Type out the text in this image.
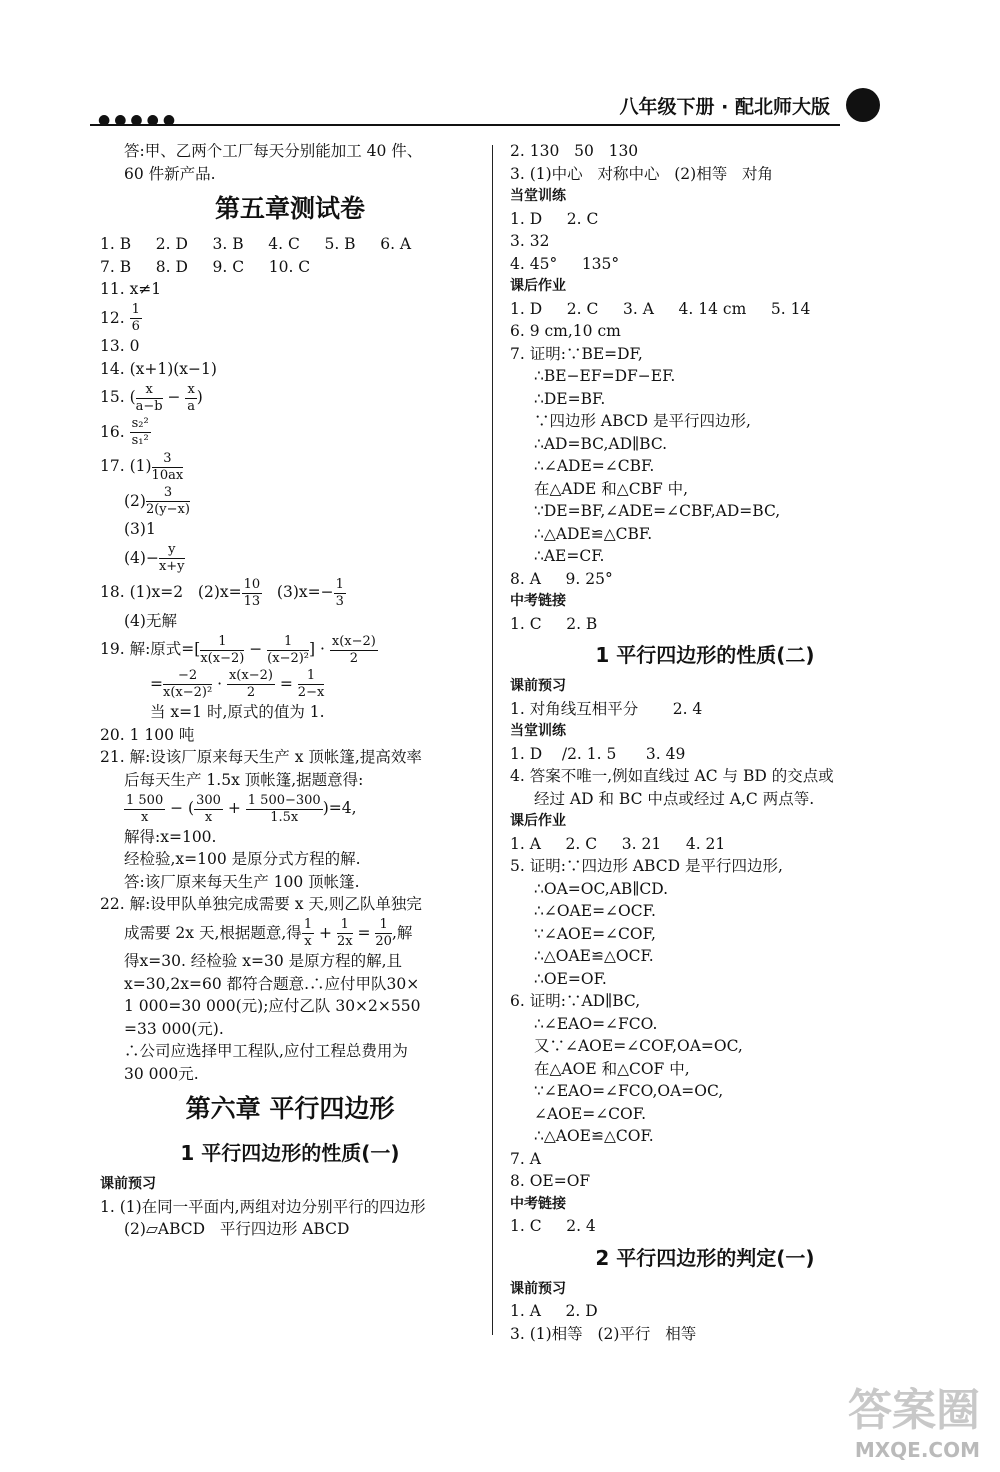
●●●●●
八年级下册 · 配北师大版

答:甲、乙两个工厂每天分别能加工 40 件、

60 件新产品.

第五章测试卷

1. B     2. D     3. B     4. C     5. B     6. A

7. B     8. D     9. C     10. C

11. x≠1

12. $\frac{1}{6}$

13. 0

14. (x+1)(x−1)

15. ( $\frac{x}{a-b} - \frac{x}{a}$ )
16. $\frac{\text{s₂²}}{\text{s₁²}}$
17. $(1) \frac{3}{10ax}$
$(2) \frac{3}{2(y-x)}$

(3)1

$(4)- \frac{y}{x+y}$
18. (1)x=2   $(2)x= \frac{10}{13} (3)x=- \frac{1}{3}$

(4)无解

19. 解:原式=[ $\frac{1}{x(x-2)} - \frac{1}{\text{(x−2)²}}$ ] · $\frac{x(x-2)}{2}$
= $\frac{-2}{\text{x(x−2)²}} \cdot \frac{x(x-2)}{2} = \frac{1}{2-x}$

当 x=1 时,原式的值为 1.

20. 1 100 吨

21. 解:设该厂原来每天生产 x 顶帐篷,提高效率

后每天生产 1.5x 顶帐篷,据题意得:

$\frac{1 500}{x}$ − ( $\frac{300}{x} + \frac{1 500-300}{1.5x} )=4$,

解得:x=100.

经检验,x=100 是原分式方程的解.

答:该厂原来每天生产 100 顶帐篷.

22. 解:设甲队单独完成需要 x 天,则乙队单独完

成需要 2x 天,根据题意,得 $\frac{1}{x} + \frac{1}{2x} = \frac{1}{20}$ ,解

得x=30. 经检验 x=30 是原方程的解,且

x=30,2x=60 都符合题意.∴应付甲队30×

1 000=30 000(元);应付乙队 30×2×550

=33 000(元).

∴公司应选择甲工程队,应付工程总费用为

30 000元.

第六章 平行四边形
1 平行四边形的性质(一)

课前预习

1. (1)在同一平面内,两组对边分别平行的四边形

(2)▱ABCD   平行四边形 ABCD

2. 130   50   130

3. (1)中心   对称中心   (2)相等   对角

当堂训练

1. D     2. C

3. 32

4. 45°     135°

课后作业

1. D     2. C     3. A     4. 14 cm     5. 14

6. 9 cm,10 cm

7. 证明:∵BE=DF,

∴BE−EF=DF−EF.

∴DE=BF.

∵四边形 ABCD 是平行四边形,

∴AD=BC,AD∥BC.

∴∠ADE=∠CBF.

在△ADE 和△CBF 中,

∵DE=BF,∠ADE=∠CBF,AD=BC,

∴△ADE≌△CBF.

∴AE=CF.

8. A     9. 25°

中考链接

1. C     2. B

1 平行四边形的性质(二)

课前预习

1. 对角线互相平分       2. 4

当堂训练

1. D    /2. 1. 5      3. 49

4. 答案不唯一,例如直线过 AC 与 BD 的交点或

经过 AD 和 BC 中点或经过 A,C 两点等.

课后作业

1. A     2. C     3. 21     4. 21

5. 证明:∵四边形 ABCD 是平行四边形,

∴OA=OC,AB∥CD.

∴∠OAE=∠OCF.

∵∠AOE=∠COF,

∴△OAE≌△OCF.

∴OE=OF.

6. 证明:∵AD∥BC,

∴∠EAO=∠FCO.

又∵∠AOE=∠COF,OA=OC,

在△AOE 和△COF 中,

∵∠EAO=∠FCO,OA=OC,

∠AOE=∠COF.

∴△AOE≌△COF.

7. A

8. OE=OF

中考链接

1. C     2. 4

2 平行四边形的判定(一)

课前预习

1. A     2. D

3. (1)相等   (2)平行   相等

答案圈
MXQE.COM
